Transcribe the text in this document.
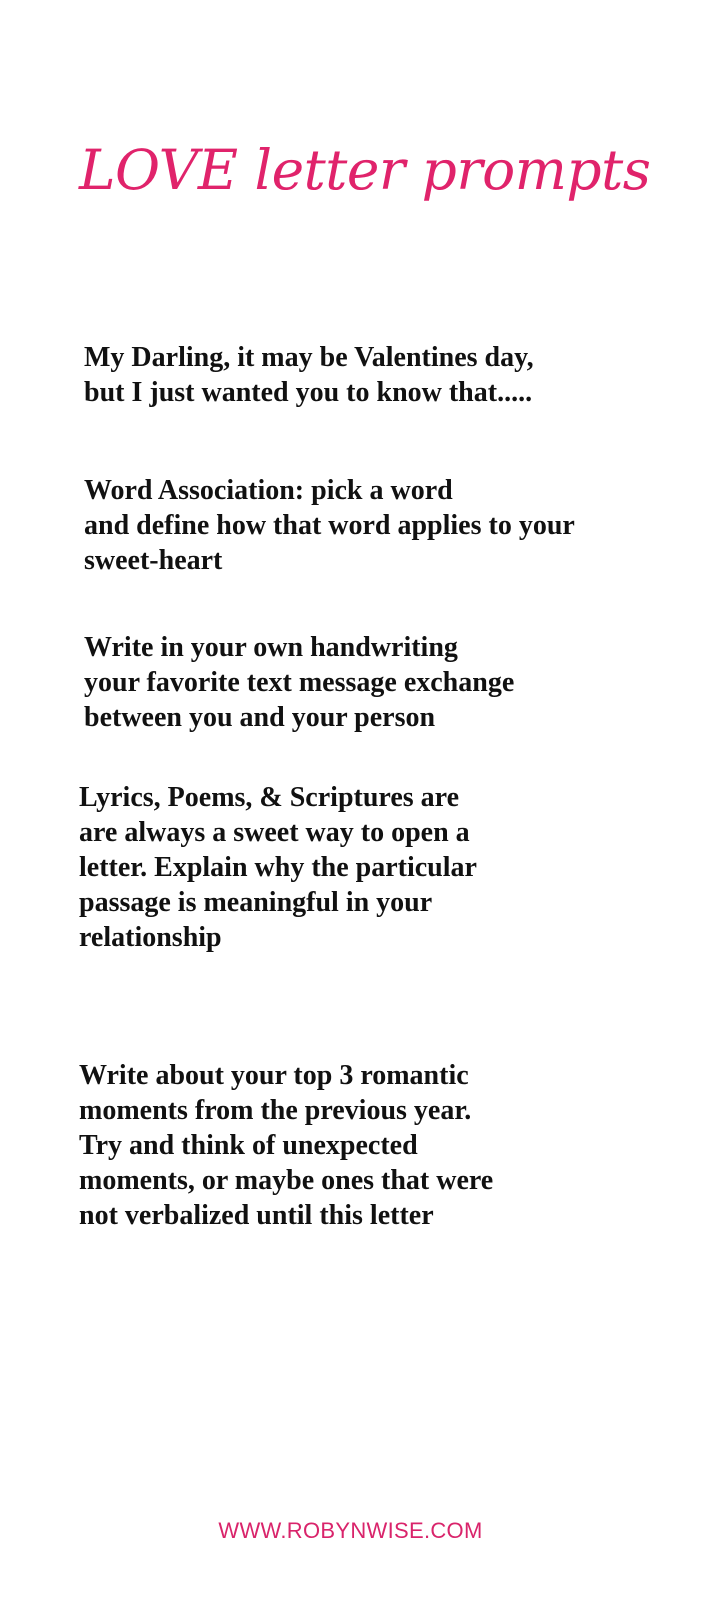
LOVE letter prompts
My Darling, it may be Valentines day,
but I just wanted you to know that.....
Word Association: pick a word
and define how that word applies to your
sweet-heart
Write in your own handwriting
your favorite text message exchange
between you and your person
Lyrics, Poems, & Scriptures are
are always a sweet way to open a
letter. Explain why the particular
passage is meaningful in your
relationship
Write about your top 3 romantic
moments from the previous year.
Try and think of unexpected
moments, or maybe ones that were
not verbalized until this letter
WWW.ROBYNWISE.COM
